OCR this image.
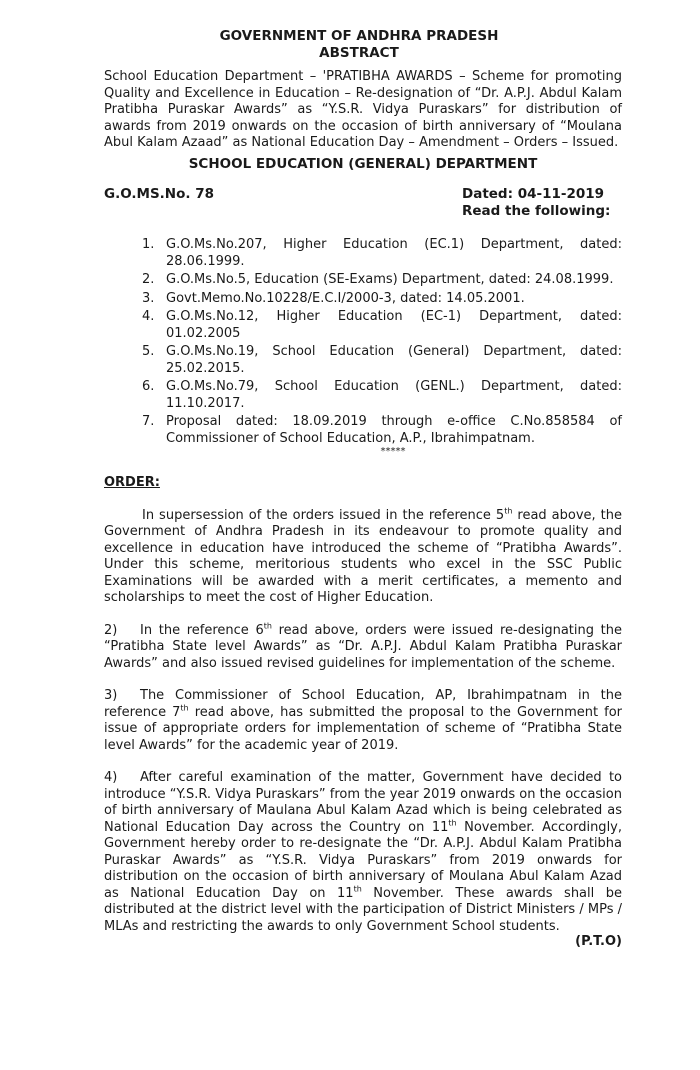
GOVERNMENT OF ANDHRA PRADESH
ABSTRACT
School Education Department – 'PRATIBHA AWARDS – Scheme for promoting Quality and Excellence in Education – Re-designation of “Dr. A.P.J. Abdul Kalam Pratibha Puraskar Awards” as “Y.S.R. Vidya Puraskars” for distribution of awards from 2019 onwards on the occasion of birth anniversary of “Moulana Abul Kalam Azaad” as National Education Day – Amendment – Orders – Issued.
SCHOOL EDUCATION (GENERAL) DEPARTMENT
G.O.MS.No. 78	Dated: 04-11-2019
Read the following:
1. G.O.Ms.No.207, Higher Education (EC.1) Department, dated: 28.06.1999.
2. G.O.Ms.No.5, Education (SE-Exams) Department, dated: 24.08.1999.
3. Govt.Memo.No.10228/E.C.I/2000-3, dated: 14.05.2001.
4. G.O.Ms.No.12, Higher Education (EC-1) Department, dated: 01.02.2005
5. G.O.Ms.No.19, School Education (General) Department, dated: 25.02.2015.
6. G.O.Ms.No.79, School Education (GENL.) Department, dated: 11.10.2017.
7. Proposal dated: 18.09.2019 through e-office C.No.858584 of Commissioner of School Education, A.P., Ibrahimpatnam.
*****
ORDER:
In supersession of the orders issued in the reference 5th read above, the Government of Andhra Pradesh in its endeavour to promote quality and excellence in education have introduced the scheme of “Pratibha Awards”. Under this scheme, meritorious students who excel in the SSC Public Examinations will be awarded with a merit certificates, a memento and scholarships to meet the cost of Higher Education.
2) In the reference 6th read above, orders were issued re-designating the “Pratibha State level Awards” as “Dr. A.P.J. Abdul Kalam Pratibha Puraskar Awards” and also issued revised guidelines for implementation of the scheme.
3) The Commissioner of School Education, AP, Ibrahimpatnam in the reference 7th read above, has submitted the proposal to the Government for issue of appropriate orders for implementation of scheme of “Pratibha State level Awards” for the academic year of 2019.
4) After careful examination of the matter, Government have decided to introduce “Y.S.R. Vidya Puraskars” from the year 2019 onwards on the occasion of birth anniversary of Maulana Abul Kalam Azad which is being celebrated as National Education Day across the Country on 11th November. Accordingly, Government hereby order to re-designate the “Dr. A.P.J. Abdul Kalam Pratibha Puraskar Awards” as “Y.S.R. Vidya Puraskars” from 2019 onwards for distribution on the occasion of birth anniversary of Moulana Abul Kalam Azad as National Education Day on 11th November. These awards shall be distributed at the district level with the participation of District Ministers / MPs / MLAs and restricting the awards to only Government School students.
(P.T.O)
